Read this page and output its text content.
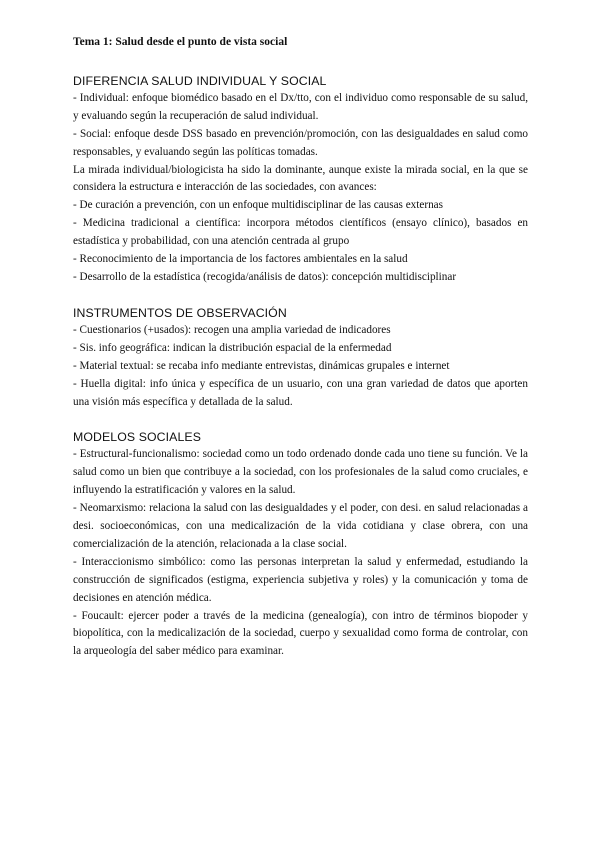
Tema 1: Salud desde el punto de vista social

DIFERENCIA SALUD INDIVIDUAL Y SOCIAL

- Individual: enfoque biomédico basado en el Dx/tto, con el individuo como responsable de su salud, y evaluando según la recuperación de salud individual.

- Social: enfoque desde DSS basado en prevención/promoción, con las desigualdades en salud como responsables, y evaluando según las políticas tomadas.

La mirada individual/biologicista ha sido la dominante, aunque existe la mirada social, en la que se considera la estructura e interacción de las sociedades, con avances:

- De curación a prevención, con un enfoque multidisciplinar de las causas externas

- Medicina tradicional a científica: incorpora métodos científicos (ensayo clínico), basados en estadística y probabilidad, con una atención centrada al grupo

- Reconocimiento de la importancia de los factores ambientales en la salud

- Desarrollo de la estadística (recogida/análisis de datos): concepción multidisciplinar

INSTRUMENTOS DE OBSERVACIÓN

- Cuestionarios (+usados): recogen una amplia variedad de indicadores

- Sis. info geográfica: indican la distribución espacial de la enfermedad

- Material textual: se recaba info mediante entrevistas, dinámicas grupales e internet

- Huella digital: info única y específica de un usuario, con una gran variedad de datos que aporten una visión más específica y detallada de la salud.

MODELOS SOCIALES

- Estructural-funcionalismo: sociedad como un todo ordenado donde cada uno tiene su función. Ve la salud como un bien que contribuye a la sociedad, con los profesionales de la salud como cruciales, e influyendo la estratificación y valores en la salud.

- Neomarxismo: relaciona la salud con las desigualdades y el poder, con desi. en salud relacionadas a desi. socioeconómicas, con una medicalización de la vida cotidiana y clase obrera, con una comercialización de la atención, relacionada a la clase social.

- Interaccionismo simbólico: como las personas interpretan la salud y enfermedad, estudiando la construcción de significados (estigma, experiencia subjetiva y roles) y la comunicación y toma de decisiones en atención médica.

- Foucault: ejercer poder a través de la medicina (genealogía), con intro de términos biopoder y biopolítica, con la medicalización de la sociedad, cuerpo y sexualidad como forma de controlar, con la arqueología del saber médico para examinar.
